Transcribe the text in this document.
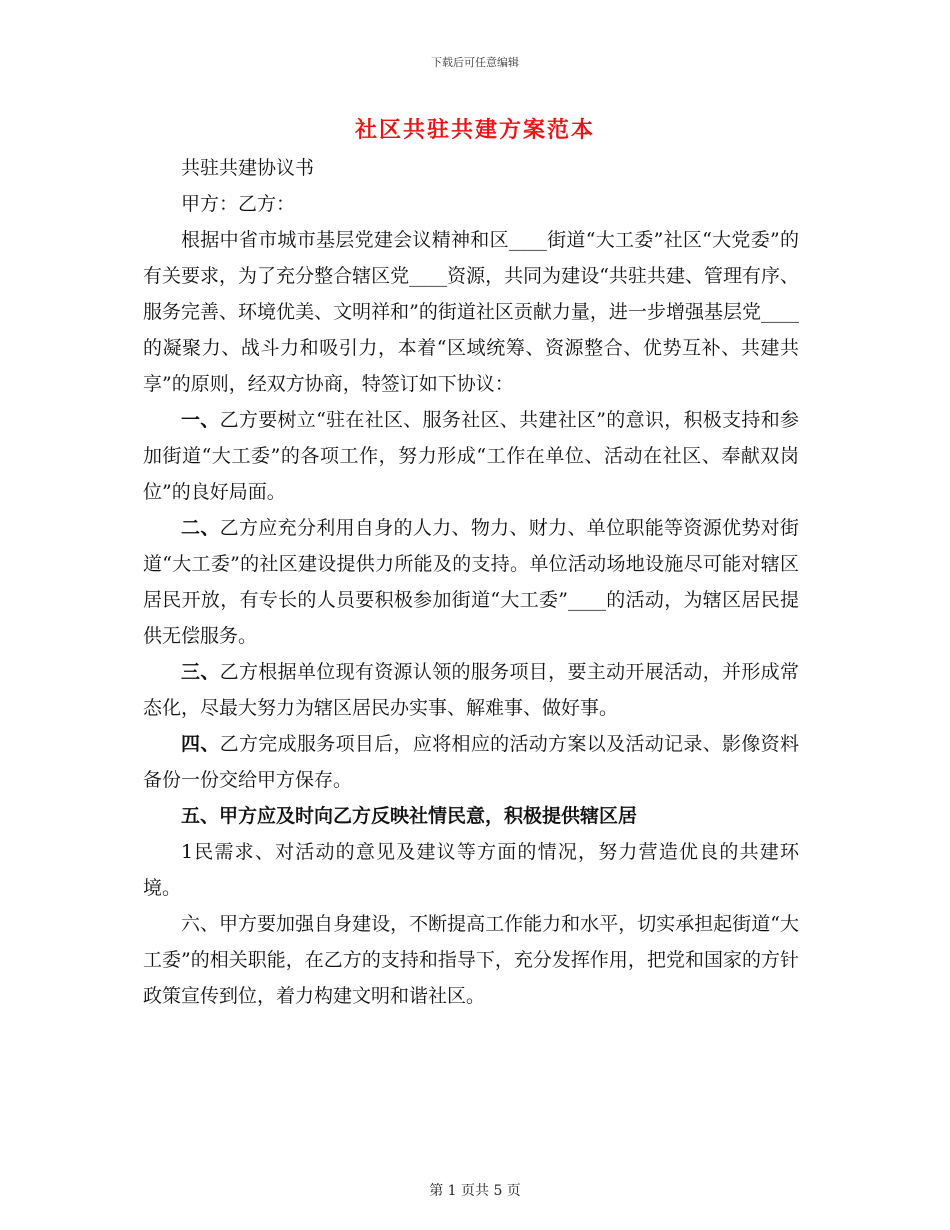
下载后可任意编辑
社区共驻共建方案范本

共驻共建协议书

甲方：乙方：

根据中省市城市基层党建会议精神和区____街道“大工委”社区“大党委”的有关要求，为了充分整合辖区党____资源，共同为建设“共驻共建、管理有序、服务完善、环境优美、文明祥和”的街道社区贡献力量，进一步增强基层党____的凝聚力、战斗力和吸引力，本着“区域统筹、资源整合、优势互补、共建共享”的原则，经双方协商，特签订如下协议：

一、乙方要树立“驻在社区、服务社区、共建社区”的意识，积极支持和参加街道“大工委”的各项工作，努力形成“工作在单位、活动在社区、奉献双岗位”的良好局面。

二、乙方应充分利用自身的人力、物力、财力、单位职能等资源优势对街道“大工委”的社区建设提供力所能及的支持。单位活动场地设施尽可能对辖区居民开放，有专长的人员要积极参加街道“大工委”____的活动，为辖区居民提供无偿服务。

三、乙方根据单位现有资源认领的服务项目，要主动开展活动，并形成常态化，尽最大努力为辖区居民办实事、解难事、做好事。

四、乙方完成服务项目后，应将相应的活动方案以及活动记录、影像资料备份一份交给甲方保存。

五、甲方应及时向乙方反映社情民意，积极提供辖区居

1民需求、对活动的意见及建议等方面的情况，努力营造优良的共建环境。

六、甲方要加强自身建设，不断提高工作能力和水平，切实承担起街道“大工委”的相关职能，在乙方的支持和指导下，充分发挥作用，把党和国家的方针政策宣传到位，着力构建文明和谐社区。

第 1 页共 5 页
